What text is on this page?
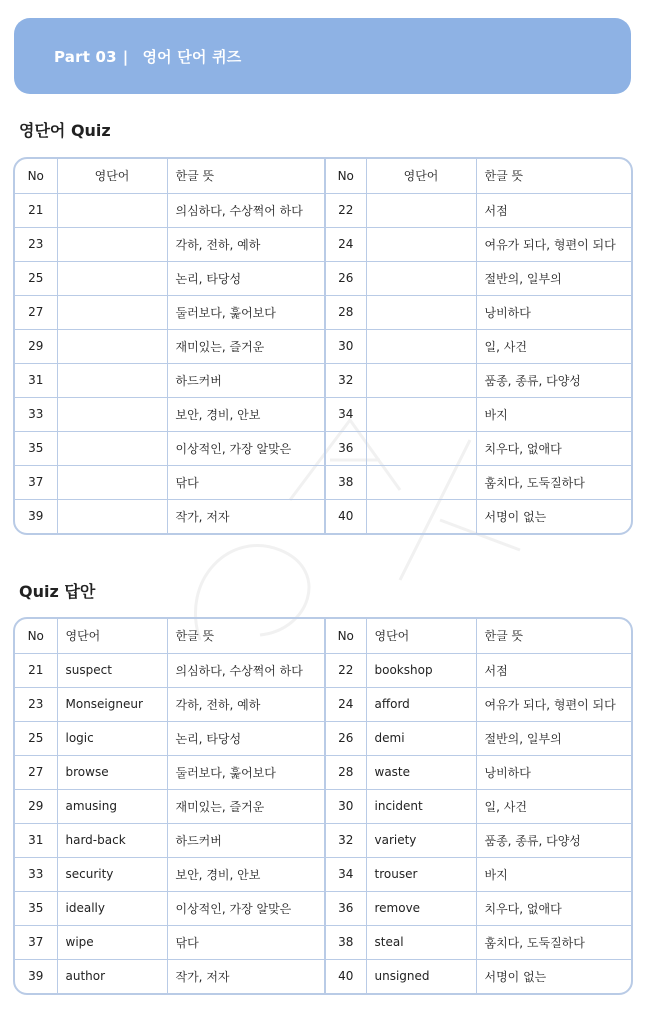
Part 03 | 영어 단어 퀴즈
영단어 Quiz
No	영단어	한글 뜻	No	영단어	한글 뜻
21		의심하다, 수상쩍어 하다	22		서점
23		각하, 전하, 예하	24		여유가 되다, 형편이 되다
25		논리, 타당성	26		절반의, 일부의
27		둘러보다, 훑어보다	28		낭비하다
29		재미있는, 즐거운	30		일, 사건
31		하드커버	32		품종, 종류, 다양성
33		보안, 경비, 안보	34		바지
35		이상적인, 가장 알맞은	36		치우다, 없애다
37		닦다	38		훔치다, 도둑질하다
39		작가, 저자	40		서명이 없는
Quiz 답안
No	영단어	한글 뜻	No	영단어	한글 뜻
21	suspect	의심하다, 수상쩍어 하다	22	bookshop	서점
23	Monseigneur	각하, 전하, 예하	24	afford	여유가 되다, 형편이 되다
25	logic	논리, 타당성	26	demi	절반의, 일부의
27	browse	둘러보다, 훑어보다	28	waste	낭비하다
29	amusing	재미있는, 즐거운	30	incident	일, 사건
31	hard-back	하드커버	32	variety	품종, 종류, 다양성
33	security	보안, 경비, 안보	34	trouser	바지
35	ideally	이상적인, 가장 알맞은	36	remove	치우다, 없애다
37	wipe	닦다	38	steal	훔치다, 도둑질하다
39	author	작가, 저자	40	unsigned	서명이 없는
